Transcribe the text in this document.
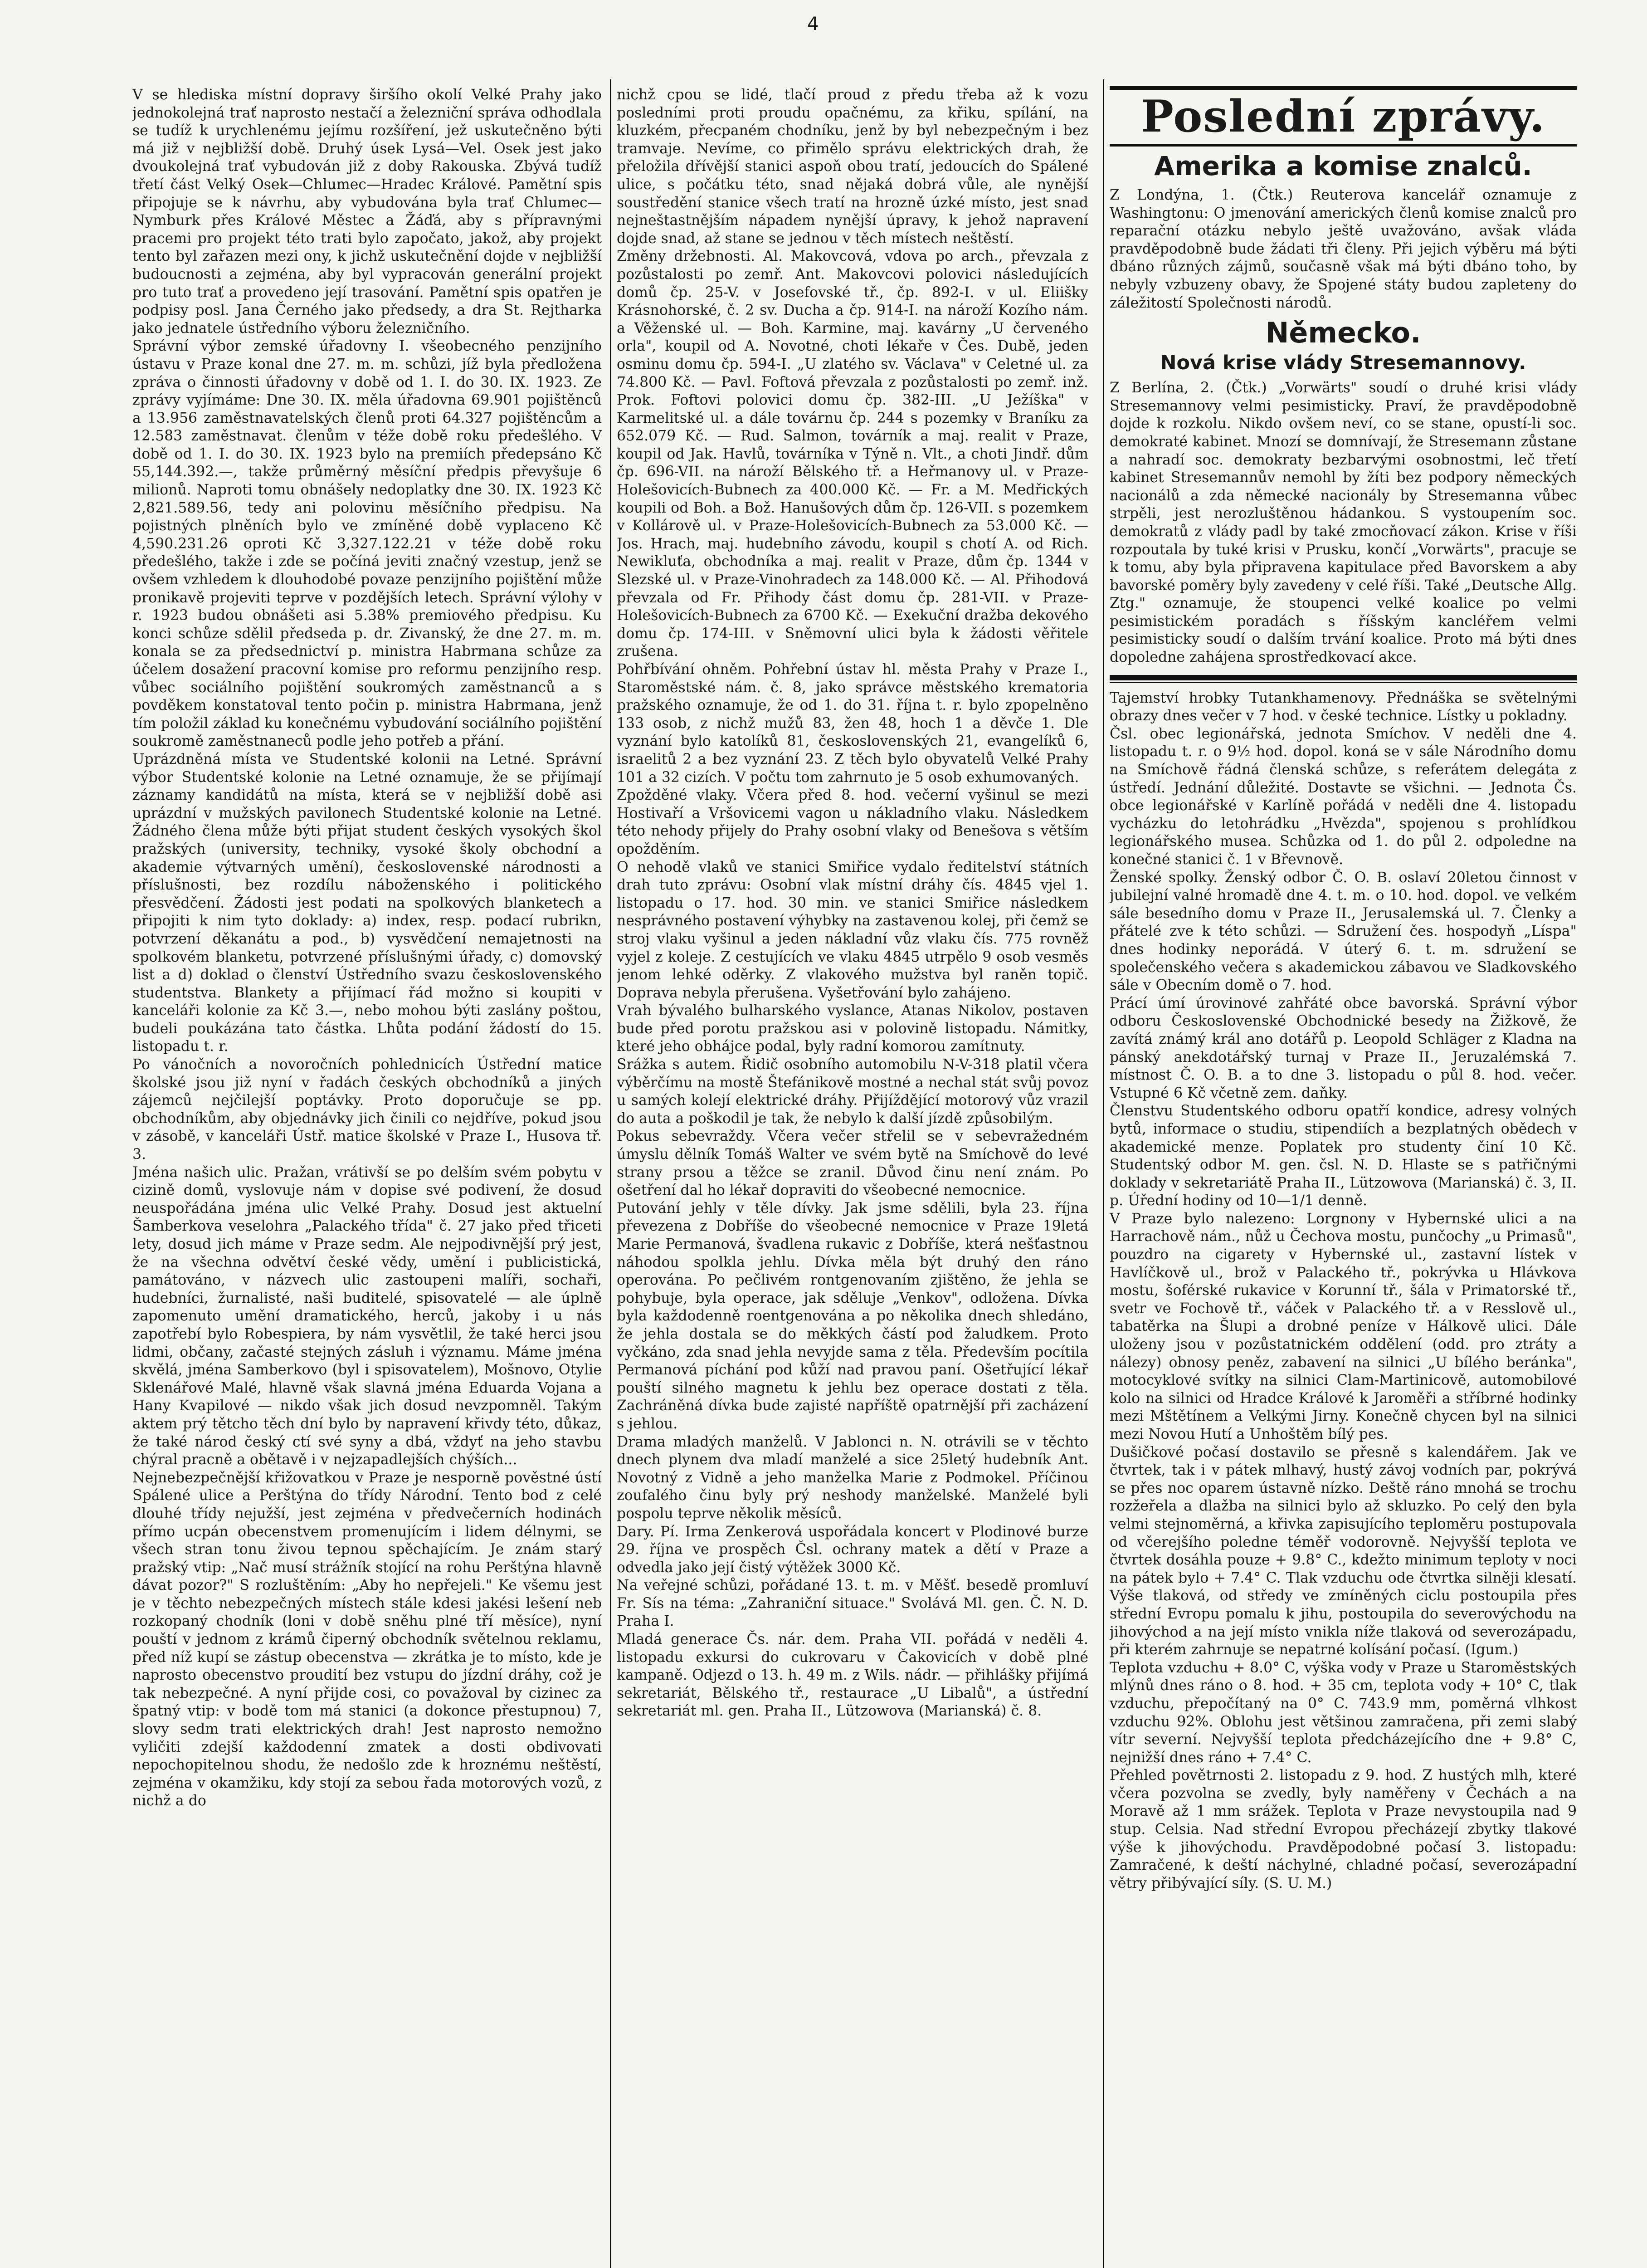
4

V se hlediska místní dopravy širšího okolí Velké Prahy jako jednokolejná trať naprosto nestačí a železniční správa odhodlala se tudíž k urychlenému jejímu rozšíření, jež uskutečněno býti má již v nejbližší době. Druhý úsek Lysá—Vel. Osek jest jako dvoukolejná trať vybudován již z doby Rakouska. Zbývá tudíž třetí část Velký Osek—Chlumec—Hradec Králové. Pamětní spis připojuje se k návrhu, aby vybudována byla trať Chlumec—Nymburk přes Králové Městec a Žáďá, aby s přípravnými pracemi pro projekt této trati bylo započato, jakož, aby projekt tento byl zařazen mezi ony, k jichž uskutečnění dojde v nejbližší budoucnosti a zejména, aby byl vypracován generální projekt pro tuto trať a provedeno její trasování. Pamětní spis opatřen je podpisy posl. Jana Černého jako předsedy, a dra St. Rejtharka jako jednatele ústředního výboru železničního.

Správní výbor zemské úřadovny I. všeobecného penzijního ústavu v Praze konal dne 27. m. m. schůzi, jíž byla předložena zpráva o činnosti úřadovny v době od 1. I. do 30. IX. 1923. Ze zprávy vyjímáme: Dne 30. IX. měla úřadovna 69.901 pojištěnců a 13.956 zaměstnavatelských členů proti 64.327 pojištěncům a 12.583 zaměstnavat. členům v téže době roku předešlého. V době od 1. I. do 30. IX. 1923 bylo na premiích předepsáno Kč 55,144.392.—, takže průměrný měsíční předpis převyšuje 6 milionů. Naproti tomu obnášely nedoplatky dne 30. IX. 1923 Kč 2,821.589.56, tedy ani polovinu měsíčního předpisu. Na pojistných plněních bylo ve zmíněné době vyplaceno Kč 4,590.231.26 oproti Kč 3,327.122.21 v téže době roku předešlého, takže i zde se počíná jeviti značný vzestup, jenž se ovšem vzhledem k dlouhodobé povaze penzijního pojištění může pronikavě projeviti teprve v pozdějších letech. Správní výlohy v r. 1923 budou obnášeti asi 5.38% premiového předpisu. Ku konci schůze sdělil předseda p. dr. Zivanský, že dne 27. m. m. konala se za předsednictví p. ministra Habrmana schůze za účelem dosažení pracovní komise pro reformu penzijního resp. vůbec sociálního pojištění soukromých zaměstnanců a s povděkem konstatoval tento počin p. ministra Habrmana, jenž tím položil základ ku konečnému vybudování sociálního pojištění soukromě zaměstnaneců podle jeho potřeb a přání.

Uprázdněná místa ve Studentské kolonii na Letné. Správní výbor Studentské kolonie na Letné oznamuje, že se přijímají záznamy kandidátů na místa, která se v nejbližší době asi uprázdní v mužských pavilonech Studentské kolonie na Letné. Žádného člena může býti přijat student českých vysokých škol pražských (university, techniky, vysoké školy obchodní a akademie výtvarných umění), československé národnosti a příslušnosti, bez rozdílu náboženského i politického přesvědčení. Žádosti jest podati na spolkových blanketech a připojiti k nim tyto doklady: a) index, resp. podací rubrikn, potvrzení děkanátu a pod., b) vysvědčení nemajetnosti na spolkovém blanketu, potvrzené příslušnými úřady, c) domovský list a d) doklad o členství Ústředního svazu československého studentstva. Blankety a přijímací řád možno si koupiti v kanceláři kolonie za Kč 3.—, nebo mohou býti zaslány poštou, budeli poukázána tato částka. Lhůta podání žádostí do 15. listopadu t. r.

Po vánočních a novoročních pohlednicích Ústřední matice školské jsou již nyní v řadách českých obchodníků a jiných zájemců nejčilejší poptávky. Proto doporučuje se pp. obchodníkům, aby objednávky jich činili co nejdříve, pokud jsou v zásobě, v kanceláři Ústř. matice školské v Praze I., Husova tř. 3.

Jména našich ulic. Pražan, vrátivší se po delším svém pobytu v cizině domů, vyslovuje nám v dopise své podivení, že dosud neuspořádána jména ulic Velké Prahy. Dosud jest aktuelní Šamberkova veselohra „Palackého třída" č. 27 jako před třiceti lety, dosud jich máme v Praze sedm. Ale nejpodivnější prý jest, že na všechna odvětví české vědy, umění i publicistická, památováno, v názvech ulic zastoupeni malíři, sochaři, hudebníci, žurnalisté, naši buditelé, spisovatelé — ale úplně zapomenuto umění dramatického, herců, jakoby i u nás zapotřebí bylo Robespiera, by nám vysvětlil, že také herci jsou lidmi, občany, začasté stejných zásluh i významu. Máme jména skvělá, jména Samberkovo (byl i spisovatelem), Mošnovo, Otylie Sklenářové Malé, hlavně však slavná jména Eduarda Vojana a Hany Kvapilové — nikdo však jich dosud nevzpomněl. Takým aktem prý tětcho těch dní bylo by napravení křivdy této, důkaz, že také národ český ctí své syny a dbá, vždyť na jeho stavbu chýral pracně a obětavě i v nejzapadlejších chýších...

Nejnebezpečnější křižovatkou v Praze je nesporně pověstné ústí Spálené ulice a Perštýna do třídy Národní. Tento bod z celé dlouhé třídy nejužší, jest zejména v předvečerních hodinách přímo ucpán obecenstvem promenujícím i lidem délnymi, se všech stran tonu živou tepnou spěchajícím. Je znám starý pražský vtip: „Nač musí strážník stojící na rohu Perštýna hlavně dávat pozor?" S rozluštěním: „Aby ho nepřejeli." Ke všemu jest je v těchto nebezpečných místech stále kdesi jakési lešení neb rozkopaný chodník (loni v době sněhu plné tří měsíce), nyní pouští v jednom z krámů čiperný obchodník světelnou reklamu, před níž kupí se zástup obecenstva — zkrátka je to místo, kde je naprosto obecenstvo proudití bez vstupu do jízdní dráhy, což je tak nebezpečné. A nyní přijde cosi, co považoval by cizinec za špatný vtip: v bodě tom má stanici (a dokonce přestupnou) 7, slovy sedm trati elektrických drah! Jest naprosto nemožno vyličiti zdejší každodenní zmatek a dosti obdivovati nepochopitelnou shodu, že nedošlo zde k hroznému neštěstí, zejména v okamžiku, kdy stojí za sebou řada motorových vozů, z nichž a do

nichž cpou se lidé, tlačí proud z předu třeba až k vozu posledními proti proudu opačnému, za křiku, spílání, na kluzkém, přecpaném chodníku, jenž by byl nebezpečným i bez tramvaje. Nevíme, co přimělo správu elektrických drah, že přeložila dřívější stanici aspoň obou tratí, jedoucích do Spálené ulice, s počátku této, snad nějaká dobrá vůle, ale nynější soustředění stanice všech tratí na hrozně úzké místo, jest snad nejneštastnějším nápadem nynější úpravy, k jehož napravení dojde snad, až stane se jednou v těch místech neštěstí.

Změny držebnosti. Al. Makovcová, vdova po arch., převzala z pozůstalosti po zemř. Ant. Makovcovi polovici následujících domů čp. 25-V. v Josefovské tř., čp. 892-I. v ul. Eliišky Krásnohorské, č. 2 sv. Ducha a čp. 914-I. na nároží Kozího nám. a Věženské ul. — Boh. Karmine, maj. kavárny „U červeného orla", koupil od A. Novotné, choti lékaře v Čes. Dubě, jeden osminu domu čp. 594-I. „U zlatého sv. Václava" v Celetné ul. za 74.800 Kč. — Pavl. Foftová převzala z pozůstalosti po zemř. inž. Prok. Foftovi polovici domu čp. 382-III. „U Ježíška" v Karmelitské ul. a dále továrnu čp. 244 s pozemky v Braníku za 652.079 Kč. — Rud. Salmon, továrník a maj. realit v Praze, koupil od Jak. Havlů, továrníka v Týně n. Vlt., a choti Jindř. dům čp. 696-VII. na nároží Bělského tř. a Heřmanovy ul. v Praze-Holešovicích-Bubnech za 400.000 Kč. — Fr. a M. Medřických koupili od Boh. a Bož. Hanušových dům čp. 126-VII. s pozemkem v Kollárově ul. v Praze-Holešovicích-Bubnech za 53.000 Kč. — Jos. Hrach, maj. hudebního závodu, koupil s chotí A. od Rich. Newikluťa, obchodníka a maj. realit v Praze, dům čp. 1344 v Slezské ul. v Praze-Vinohradech za 148.000 Kč. — Al. Přihodová převzala od Fr. Přihody část domu čp. 281-VII. v Praze-Holešovicích-Bubnech za 6700 Kč. — Exekuční dražba dekového domu čp. 174-III. v Sněmovní ulici byla k žádosti věřitele zrušena.

Pohřbívání ohněm. Pohřební ústav hl. města Prahy v Praze I., Staroměstské nám. č. 8, jako správce městského krematoria pražského oznamuje, že od 1. do 31. října t. r. bylo zpopelněno 133 osob, z nichž mužů 83, žen 48, hoch 1 a děvče 1. Dle vyznání bylo katolíků 81, československých 21, evangelíků 6, israelitů 2 a bez vyznání 23. Z těch bylo obyvatelů Velké Prahy 101 a 32 cizích. V počtu tom zahrnuto je 5 osob exhumovaných.

Zpožděné vlaky. Včera před 8. hod. večerní vyšinul se mezi Hostivaří a Vršovicemi vagon u nákladního vlaku. Následkem této nehody přijely do Prahy osobní vlaky od Benešova s větším opožděním.

O nehodě vlaků ve stanici Smiřice vydalo ředitelství státních drah tuto zprávu: Osobní vlak místní dráhy čís. 4845 vjel 1. listopadu o 17. hod. 30 min. ve stanici Smiřice následkem nesprávného postavení výhybky na zastavenou kolej, při čemž se stroj vlaku vyšinul a jeden nákladní vůz vlaku čís. 775 rovněž vyjel z koleje. Z cestujících ve vlaku 4845 utrpělo 9 osob vesměs jenom lehké oděrky. Z vlakového mužstva byl raněn topič. Doprava nebyla přerušena. Vyšetřování bylo zahájeno.

Vrah bývalého bulharského vyslance, Atanas Nikolov, postaven bude před porotu pražskou asi v polovině listopadu. Námitky, které jeho obhájce podal, byly radní komorou zamítnuty.

Srážka s autem. Řidič osobního automobilu N-V-318 platil včera výběrčímu na mostě Štefánikově mostné a nechal stát svůj povoz u samých kolejí elektrické dráhy. Přijíždějící motorový vůz vrazil do auta a poškodil je tak, že nebylo k další jízdě způsobilým.

Pokus sebevraždy. Včera večer střelil se v sebevražedném úmyslu dělník Tomáš Walter ve svém bytě na Smíchově do levé strany prsou a těžce se zranil. Důvod činu není znám. Po ošetření dal ho lékař dopraviti do všeobecné nemocnice.

Putování jehly v těle dívky. Jak jsme sdělili, byla 23. října převezena z Dobříše do všeobecné nemocnice v Praze 19letá Marie Permanová, švadlena rukavic z Dobříše, která nešťastnou náhodou spolkla jehlu. Dívka měla být druhý den ráno operována. Po pečlivém rontgenovaním zjištěno, že jehla se pohybuje, byla operace, jak sděluje „Venkov", odložena. Dívka byla každodenně roentgenována a po několika dnech shledáno, že jehla dostala se do měkkých částí pod žaludkem. Proto vyčkáno, zda snad jehla nevyjde sama z těla. Především pocítila Permanová píchání pod kůží nad pravou paní. Ošetřující lékař pouští silného magnetu k jehlu bez operace dostati z těla. Zachráněná dívka bude zajisté napříště opatrnější při zacházení s jehlou.

Drama mladých manželů. V Jablonci n. N. otrávili se v těchto dnech plynem dva mladí manželé a sice 25letý hudebník Ant. Novotný z Vidně a jeho manželka Marie z Podmokel. Příčinou zoufalého činu byly prý neshody manželské. Manželé byli pospolu teprve několik měsíců.

Dary. Pí. Irma Zenkerová uspořádala koncert v Plodinové burze 29. října ve prospěch Čsl. ochrany matek a dětí v Praze a odvedla jako její čistý výtěžek 3000 Kč.

Na veřejné schůzi, pořádané 13. t. m. v Měšť. besedě promluví Fr. Sís na téma: „Zahraniční situace." Svolává Ml. gen. Č. N. D. Praha I.

Mladá generace Čs. nár. dem. Praha VII. pořádá v neděli 4. listopadu exkursi do cukrovaru v Čakovicích v době plné kampaně. Odjezd o 13. h. 49 m. z Wils. nádr. — přihlášky přijímá sekretariát, Bělského tř., restaurace „U Libalů", a ústřední sekretariát ml. gen. Praha II., Lützowova (Marianská) č. 8.

Poslední zprávy.
Amerika a komise znalců.

Z Londýna, 1. (Čtk.) Reuterova kancelář oznamuje z Washingtonu: O jmenování amerických členů komise znalců pro reparační otázku nebylo ještě uvažováno, avšak vláda pravděpodobně bude žádati tři členy. Při jejich výběru má býti dbáno různých zájmů, současně však má býti dbáno toho, by nebyly vzbuzeny obavy, že Spojené státy budou zapleteny do záležitostí Společnosti národů.

Německo.
Nová krise vlády Stresemannovy.

Z Berlína, 2. (Čtk.) „Vorwärts" soudí o druhé krisi vlády Stresemannovy velmi pesimisticky. Praví, že pravděpodobně dojde k rozkolu. Nikdo ovšem neví, co se stane, opustí-li soc. demokraté kabinet. Mnozí se domnívají, že Stresemann zůstane a nahradí soc. demokraty bezbarvými osobnostmi, leč třetí kabinet Stresemannův nemohl by žíti bez podpory německých nacionálů a zda německé nacionály by Stresemanna vůbec strpěli, jest nerozluštěnou hádankou. S vystoupením soc. demokratů z vlády padl by také zmocňovací zákon. Krise v říši rozpoutala by tuké krisi v Prusku, končí „Vorwärts", pracuje se k tomu, aby byla připravena kapitulace před Bavorskem a aby bavorské poměry byly zavedeny v celé říši. Také „Deutsche Allg. Ztg." oznamuje, že stoupenci velké koalice po velmi pesimistickém poradách s říšským kancléřem velmi pesimisticky soudí o dalším trvání koalice. Proto má býti dnes dopoledne zahájena sprostředkovací akce.

Tajemství hrobky Tutankhamenovy. Přednáška se světelnými obrazy dnes večer v 7 hod. v české technice. Lístky u pokladny.

Čsl. obec legionářská, jednota Smíchov. V neděli dne 4. listopadu t. r. o 9½ hod. dopol. koná se v sále Národního domu na Smíchově řádná členská schůze, s referátem delegáta z ústředí. Jednání důležité. Dostavte se všichni. — Jednota Čs. obce legionářské v Karlíně pořádá v neděli dne 4. listopadu vycházku do letohrádku „Hvězda", spojenou s prohlídkou legionářského musea. Schůzka od 1. do půl 2. odpoledne na konečné stanici č. 1 v Břevnově.

Ženské spolky. Ženský odbor Č. O. B. oslaví 20letou činnost v jubilejní valné hromadě dne 4. t. m. o 10. hod. dopol. ve velkém sále besedního domu v Praze II., Jerusalemská ul. 7. Členky a přátelé zve k této schůzi. — Sdružení čes. hospodyň „Líspa" dnes hodinky neporádá. V úterý 6. t. m. sdružení se společenského večera s akademickou zábavou ve Sladkovského sále v Obecním domě o 7. hod.

Prácí úmí úrovinové zahřáté obce bavorská. Správní výbor odboru Československé Obchodnické besedy na Žižkově, že zavítá známý král ano dotářů p. Leopold Schläger z Kladna na pánský anekdotářský turnaj v Praze II., Jeruzalémská 7. místnost Č. O. B. a to dne 3. listopadu o půl 8. hod. večer. Vstupné 6 Kč včetně zem. daňky.

Členstvu Studentského odboru opatří kondice, adresy volných bytů, informace o studiu, stipendiích a bezplatných obědech v akademické menze. Poplatek pro studenty činí 10 Kč. Studentský odbor M. gen. čsl. N. D. Hlaste se s patřičnými doklady v sekretariátě Praha II., Lützowova (Marianská) č. 3, II. p. Úřední hodiny od 10—1/1 denně.

V Praze bylo nalezeno: Lorgnony v Hybernské ulici a na Harrachově nám., nůž u Čechova mostu, punčochy „u Primasů", pouzdro na cigarety v Hybernské ul., zastavní lístek v Havlíčkově ul., brož v Palackého tř., pokrývka u Hlávkova mostu, šoférské rukavice v Korunní tř., šála v Primatorské tř., svetr ve Fochově tř., váček v Palackého tř. a v Resslově ul., tabatěrka na Šlupi a drobné peníze v Hálkově ulici. Dále uloženy jsou v pozůstatnickém oddělení (odd. pro ztráty a nálezy) obnosy peněz, zabavení na silnici „U bílého beránka", motocyklové svítky na silnici Clam-Martinicově, automobilové kolo na silnici od Hradce Králové k Jaroměři a stříbrné hodinky mezi Mštětínem a Velkými Jirny. Konečně chycen byl na silnici mezi Novou Hutí a Unhoštěm bílý pes.

Dušičkové počasí dostavilo se přesně s kalendářem. Jak ve čtvrtek, tak i v pátek mlhavý, hustý závoj vodních par, pokrývá se přes noc oparem ústavně nízko. Deště ráno mnohá se trochu rozžeřela a dlažba na silnici bylo až skluzko. Po celý den byla velmi stejnoměrná, a křivka zapisujícího teploměru postupovala od včerejšího poledne téměř vodorovně. Nejvyšší teplota ve čtvrtek dosáhla pouze + 9.8° C., kdežto minimum teploty v noci na pátek bylo + 7.4° C. Tlak vzduchu ode čtvrtka silněji klesatí. Výše tlaková, od středy ve zmíněných ciclu postoupila přes střední Evropu pomalu k jihu, postoupila do severovýchodu na jihovýchod a na její místo vnikla níže tlaková od severozápadu, při kterém zahrnuje se nepatrné kolísání počasí. (Igum.)

Teplota vzduchu + 8.0° C, výška vody v Praze u Staroměstských mlýnů dnes ráno o 8. hod. + 35 cm, teplota vody + 10° C, tlak vzduchu, přepočítaný na 0° C. 743.9 mm, poměrná vlhkost vzduchu 92%. Oblohu jest většinou zamračena, při zemi slabý vítr severní. Nejvyšší teplota předcházejícího dne + 9.8° C, nejnižší dnes ráno + 7.4° C.

Přehled povětrnosti 2. listopadu z 9. hod. Z hustých mlh, které včera pozvolna se zvedly, byly naměřeny v Čechách a na Moravě až 1 mm srážek. Teplota v Praze nevystoupila nad 9 stup. Celsia. Nad střední Evropou přecházejí zbytky tlakové výše k jihovýchodu. Pravděpodobné počasí 3. listopadu: Zamračené, k deští náchylné, chladné počasí, severozápadní větry přibývající síly. (S. U. M.)
